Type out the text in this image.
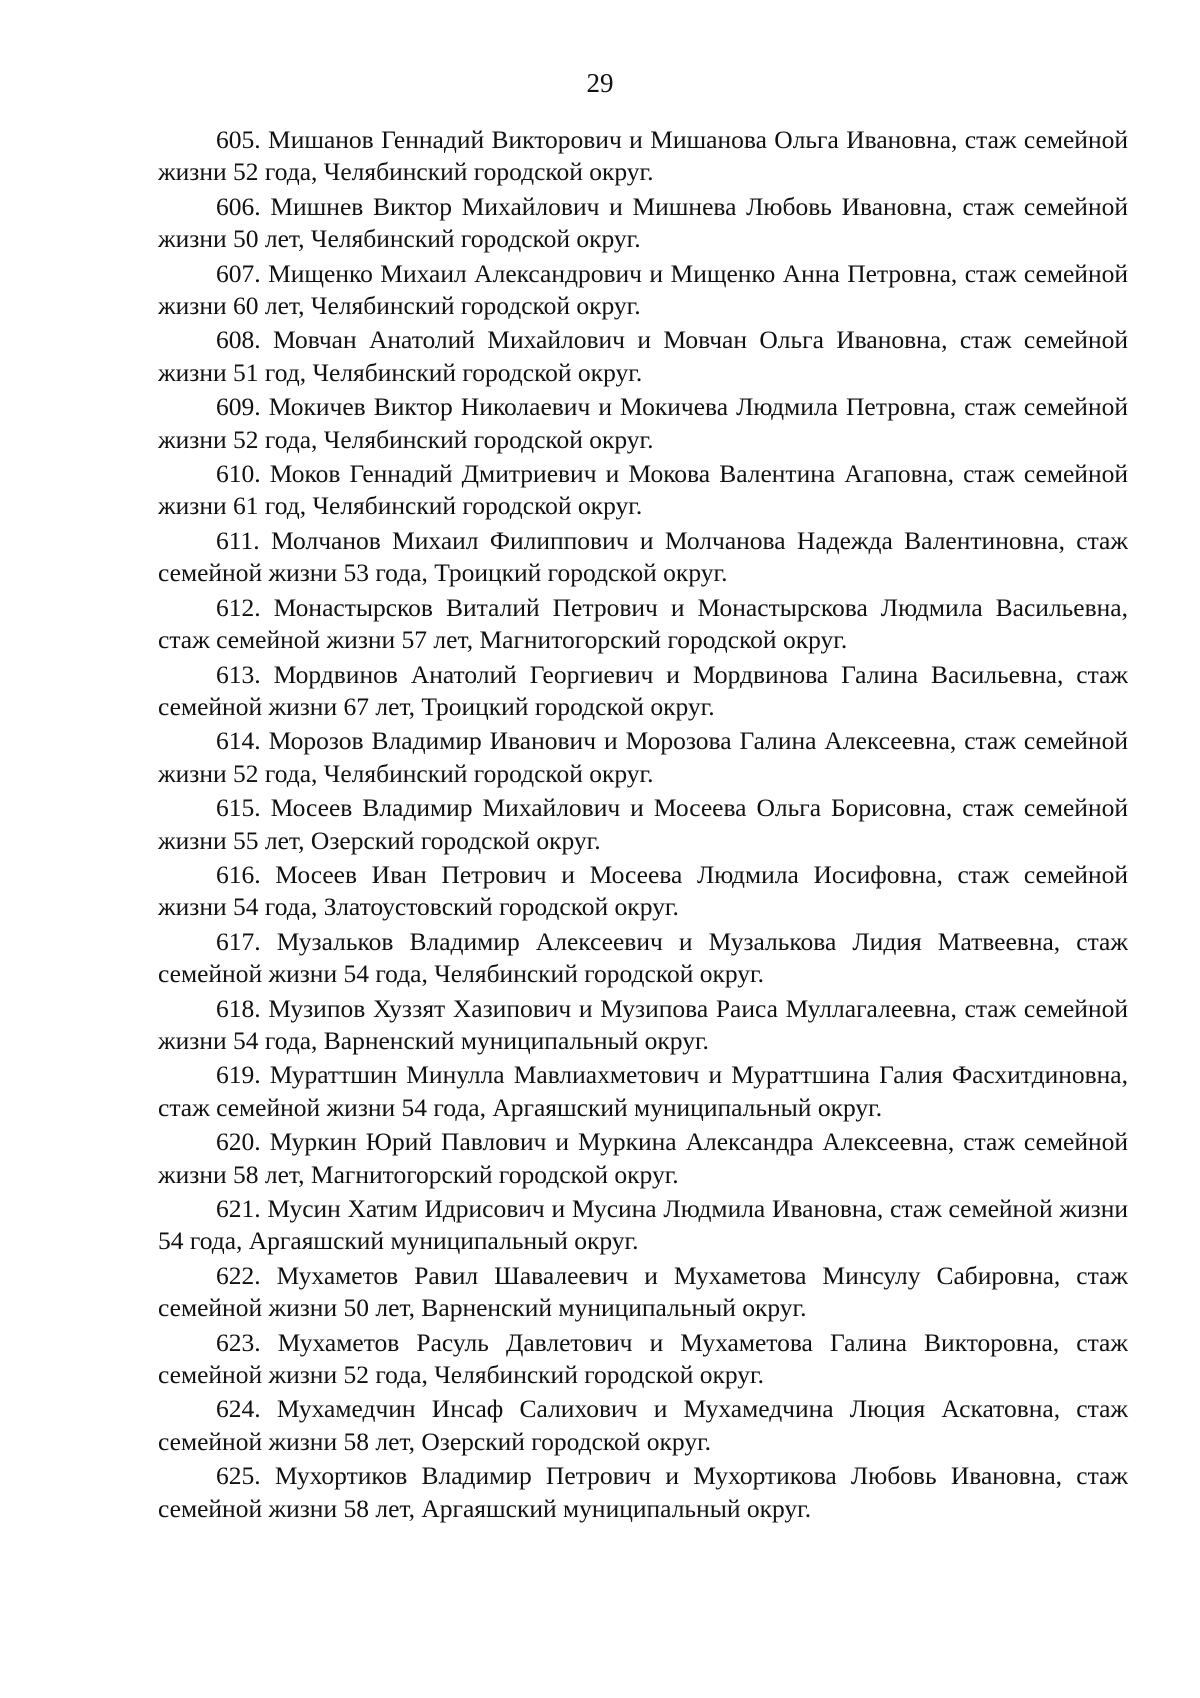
29
605. Мишанов Геннадий Викторович и Мишанова Ольга Ивановна, стаж семейной жизни 52 года, Челябинский городской округ.
606. Мишнев Виктор Михайлович и Мишнева Любовь Ивановна, стаж семейной жизни 50 лет, Челябинский городской округ.
607. Мищенко Михаил Александрович и Мищенко Анна Петровна, стаж семейной жизни 60 лет, Челябинский городской округ.
608. Мовчан Анатолий Михайлович и Мовчан Ольга Ивановна, стаж семейной жизни 51 год, Челябинский городской округ.
609. Мокичев Виктор Николаевич и Мокичева Людмила Петровна, стаж семейной жизни 52 года, Челябинский городской округ.
610. Моков Геннадий Дмитриевич и Мокова Валентина Агаповна, стаж семейной жизни 61 год, Челябинский городской округ.
611. Молчанов Михаил Филиппович и Молчанова Надежда Валентиновна, стаж семейной жизни 53 года, Троицкий городской округ.
612. Монастырсков Виталий Петрович и Монастырскова Людмила Васильевна, стаж семейной жизни 57 лет, Магнитогорский городской округ.
613. Мордвинов Анатолий Георгиевич и Мордвинова Галина Васильевна, стаж семейной жизни 67 лет, Троицкий городской округ.
614. Морозов Владимир Иванович и Морозова Галина Алексеевна, стаж семейной жизни 52 года, Челябинский городской округ.
615. Мосеев Владимир Михайлович и Мосеева Ольга Борисовна, стаж семейной жизни 55 лет, Озерский городской округ.
616. Мосеев Иван Петрович и Мосеева Людмила Иосифовна, стаж семейной жизни 54 года, Златоустовский городской округ.
617. Музальков Владимир Алексеевич и Музалькова Лидия Матвеевна, стаж семейной жизни 54 года, Челябинский городской округ.
618. Музипов Хуззят Хазипович и Музипова Раиса Муллагалеевна, стаж семейной жизни 54 года, Варненский муниципальный округ.
619. Мураттшин Минулла Мавлиахметович и Мураттшина Галия Фасхитдиновна, стаж семейной жизни 54 года, Аргаяшский муниципальный округ.
620. Муркин Юрий Павлович и Муркина Александра Алексеевна, стаж семейной жизни 58 лет, Магнитогорский городской округ.
621. Мусин Хатим Идрисович и Мусина Людмила Ивановна, стаж семейной жизни 54 года, Аргаяшский муниципальный округ.
622. Мухаметов Равил Шавалеевич и Мухаметова Минсулу Сабировна, стаж семейной жизни 50 лет, Варненский муниципальный округ.
623. Мухаметов Расуль Давлетович и Мухаметова Галина Викторовна, стаж семейной жизни 52 года, Челябинский городской округ.
624. Мухамедчин Инсаф Салихович и Мухамедчина Люция Аскатовна, стаж семейной жизни 58 лет, Озерский городской округ.
625. Мухортиков Владимир Петрович и Мухортикова Любовь Ивановна, стаж семейной жизни 58 лет, Аргаяшский муниципальный округ.
